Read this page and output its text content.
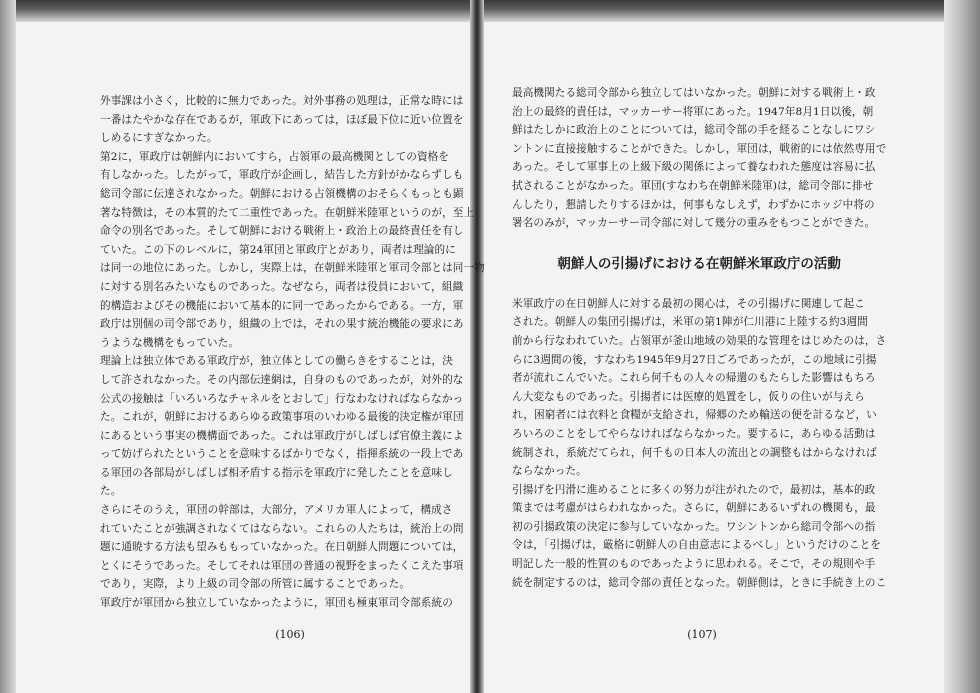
外事課は小さく，比較的に無力であった。対外事務の処理は，正常な時には
一番はたやかな存在であるが，軍政下にあっては，ほぼ最下位に近い位置を
しめるにすぎなかった。
第2に，軍政庁は朝鮮内においてすら，占領軍の最高機関としての資格を
有しなかった。したがって，軍政庁が企画し，結告した方針がかならずしも
総司令部に伝達されなかった。朝鮮における占領機構のおそらくもっとも顕
著な特徴は，その本質的たて二重性であった。在朝鮮米陸軍というのが，至上
命令の別名であった。そして朝鮮における戦術上・政治上の最終責任を有し
ていた。この下のレベルに，第24軍団と軍政庁とがあり，両者は理論的に
は同一の地位にあった。しかし，実際上は，在朝鮮米陸軍と軍司令部とは同一物
に対する別名みたいなものであった。なぜなら，両者は役員において，組織
的構造およびその機能において基本的に同一であったからである。一方，軍
政庁は別個の司令部であり，組織の上では，それの果す統治機能の要求にあ
うような機構をもっていた。
理論上は独立体である軍政庁が，独立体としての働らきをすることは，決
して許されなかった。その内部伝達網は，自身のものであったが，対外的な
公式の接触は「いろいろなチャネルをとおして」行なわなければならなかっ
た。これが，朝鮮におけるあらゆる政策事項のいわゆる最後的決定権が軍団
にあるという事実の機構面であった。これは軍政庁がしばしば官僚主義によ
って妨げられたということを意味するばかりでなく，指揮系統の一段上であ
る軍団の各部局がしばしば相矛盾する指示を軍政庁に発したことを意味し
た。
さらにそのうえ，軍団の幹部は，大部分，アメリカ軍人によって，構成さ
れていたことが強調されなくてはならない。これらの人たちは，統治上の問
題に通暁する方法も望みももっていなかった。在日朝鮮人問題については，
とくにそうであった。そしてそれは軍団の普通の視野をまったくこえた事項
であり，実際，より上級の司令部の所管に属することであった。
軍政庁が軍団から独立していなかったように，軍団も極東軍司令部系統の
(106)
最高機関たる総司令部から独立してはいなかった。朝鮮に対する戦術上・政
治上の最終的責任は，マッカーサー将軍にあった。1947年8月1日以後，朝
鮮はたしかに政治上のことについては，総司令部の手を経ることなしにワシ
ントンに直接接触することができた。しかし，軍団は，戦術的には依然専用で
あった。そして軍事上の上級下級の関係によって養なわれた態度は容易に払
拭されることがなかった。軍団(すなわち在朝鮮米陸軍)は，総司令部に排せ
んしたり，懇請したりするほかは，何事もなしえず，わずかにホッジ中将の
署名のみが，マッカーサー司令部に対して幾分の重みをもつことができた。
朝鮮人の引揚げにおける在朝鮮米軍政庁の活動
米軍政庁の在日朝鮮人に対する最初の関心は，その引揚げに関連して起こ
された。朝鮮人の集団引揚げは，米軍の第1陣が仁川港に上陸する約3週間
前から行なわれていた。占領軍が釜山地域の効果的な管理をはじめたのは，さ
らに3週間の後，すなわち1945年9月27日ごろであったが，この地域に引揚
者が流れこんでいた。これら何千もの人々の帰還のもたらした影響はもちろ
ん大変なものであった。引揚者には医療的処置をし，仮りの住いが与えら
れ，困窮者には衣料と食糧が支給され，帰郷のため輸送の便を計るなど，い
ろいろのことをしてやらなければならなかった。要するに，あらゆる活動は
統制され，系統だてられ，何千もの日本人の流出との調整もはからなければ
ならなかった。
引揚げを円滑に進めることに多くの努力が注がれたので，最初は，基本的政
策までは考慮がはらわれなかった。さらに，朝鮮にあるいずれの機関も，最
初の引揚政策の決定に参与していなかった。ワシントンから総司令部への指
令は，「引揚げは，厳格に朝鮮人の自由意志によるべし」というだけのことを
明記した一般的性質のものであったように思われる。そこで，その規則や手
続を制定するのは，総司令部の責任となった。朝鮮側は，ときに手続き上のこ
(107)
